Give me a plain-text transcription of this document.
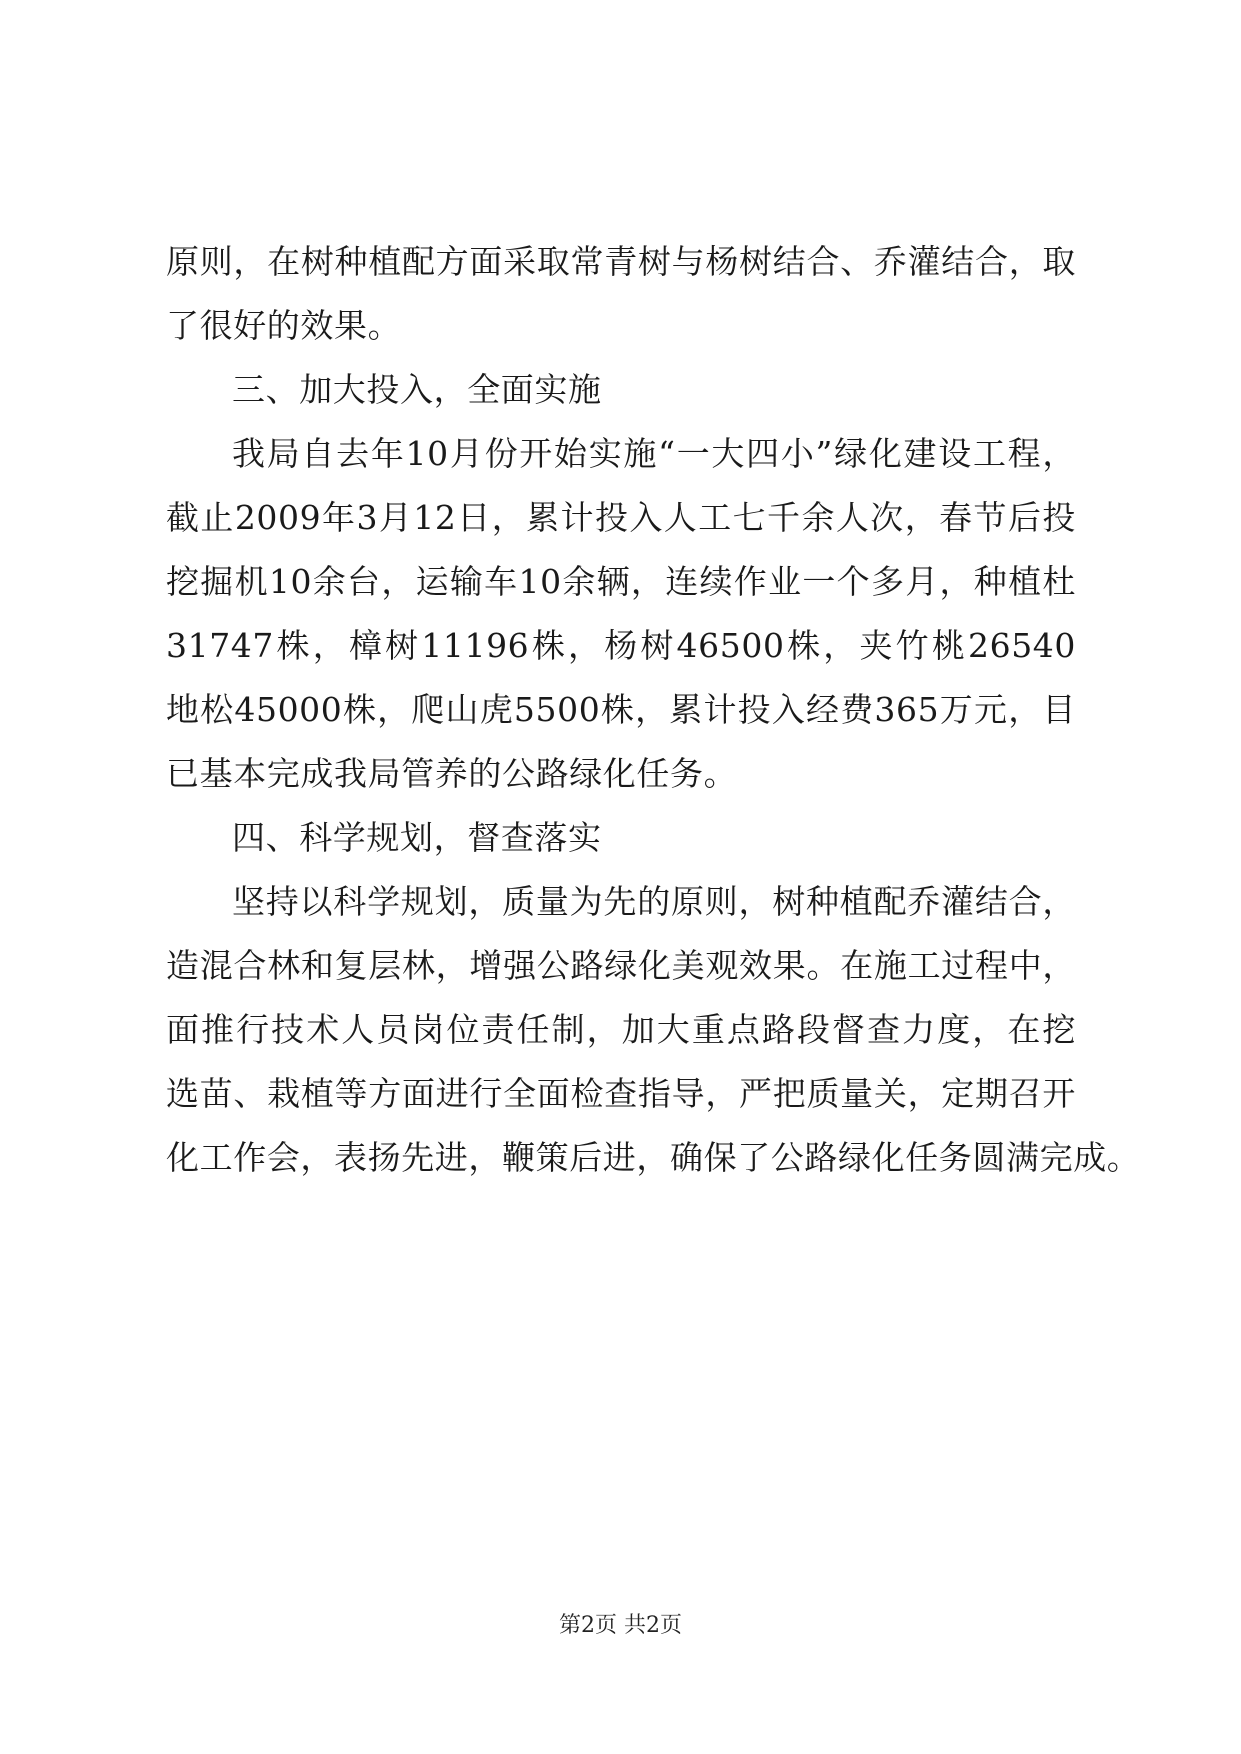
原则，在树种植配方面采取常青树与杨树结合、乔灌结合，取
了很好的效果。
三、加大投入，全面实施
我局自去年10月份开始实施“一大四小”绿化建设工程，
截止2009年3月12日，累计投入人工七千余人次，春节后投
挖掘机10余台，运输车10余辆，连续作业一个多月，种植杜
31747株，樟树11196株，杨树46500株，夹竹桃26540
地松45000株，爬山虎5500株，累计投入经费365万元，目
已基本完成我局管养的公路绿化任务。
四、科学规划，督查落实
坚持以科学规划，质量为先的原则，树种植配乔灌结合，
造混合林和复层林，增强公路绿化美观效果。在施工过程中，
面推行技术人员岗位责任制，加大重点路段督查力度，在挖
选苗、栽植等方面进行全面检查指导，严把质量关，定期召开
化工作会，表扬先进，鞭策后进，确保了公路绿化任务圆满完成。
第2页 共2页
